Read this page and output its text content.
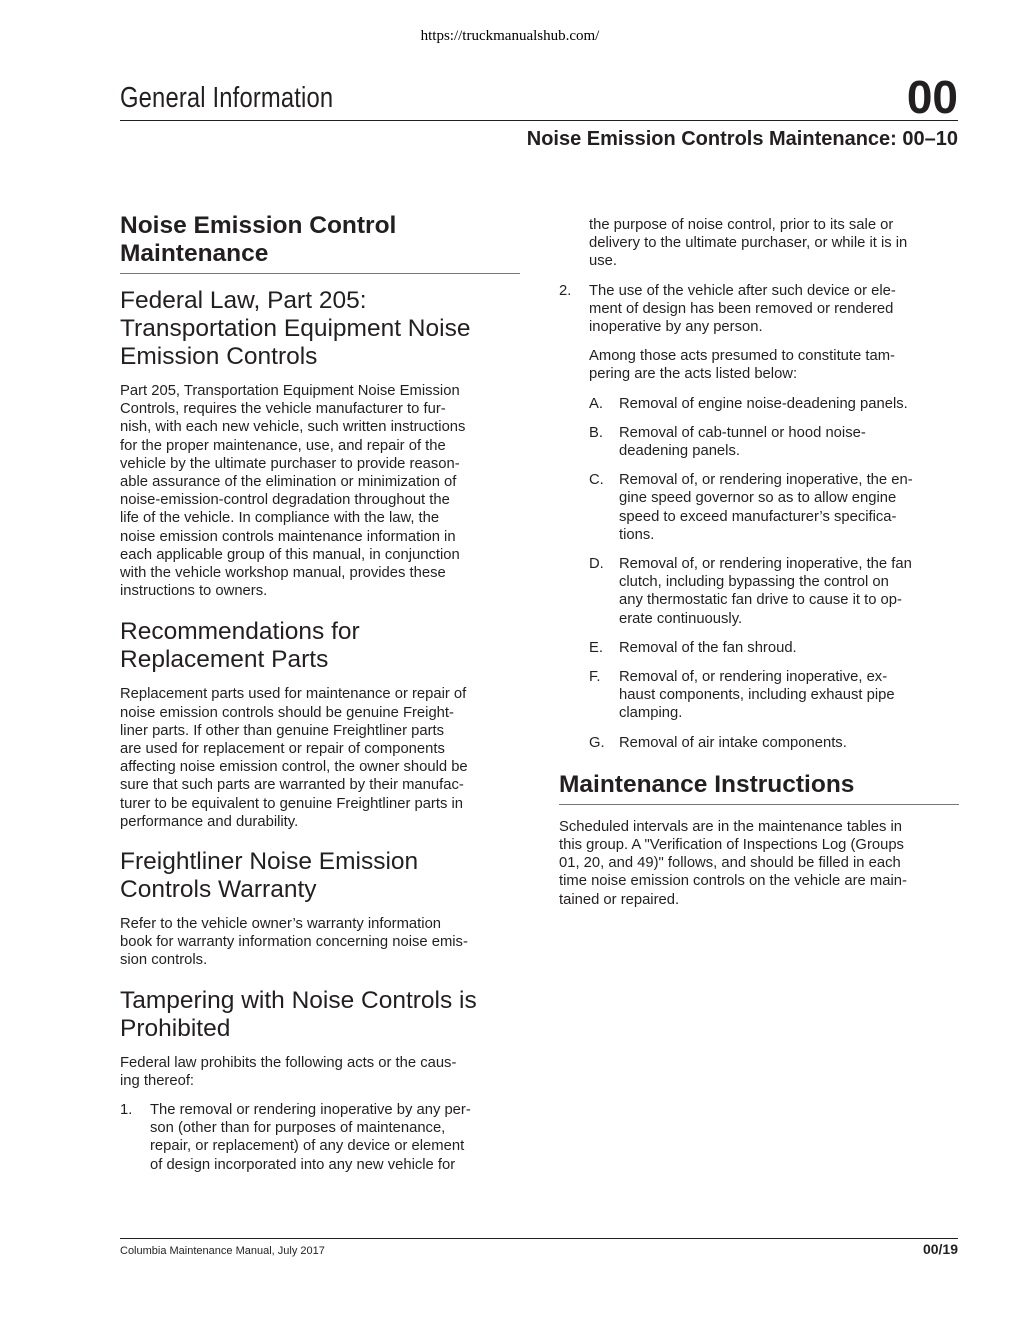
https://truckmanualshub.com/
General Information	00
Noise Emission Controls Maintenance: 00–10
Noise Emission Control
Maintenance
Federal Law, Part 205:
Transportation Equipment Noise
Emission Controls
Part 205, Transportation Equipment Noise Emission
Controls, requires the vehicle manufacturer to fur-
nish, with each new vehicle, such written instructions
for the proper maintenance, use, and repair of the
vehicle by the ultimate purchaser to provide reason-
able assurance of the elimination or minimization of
noise-emission-control degradation throughout the
life of the vehicle. In compliance with the law, the
noise emission controls maintenance information in
each applicable group of this manual, in conjunction
with the vehicle workshop manual, provides these
instructions to owners.
Recommendations for
Replacement Parts
Replacement parts used for maintenance or repair of
noise emission controls should be genuine Freight-
liner parts. If other than genuine Freightliner parts
are used for replacement or repair of components
affecting noise emission control, the owner should be
sure that such parts are warranted by their manufac-
turer to be equivalent to genuine Freightliner parts in
performance and durability.
Freightliner Noise Emission
Controls Warranty
Refer to the vehicle owner’s warranty information
book for warranty information concerning noise emis-
sion controls.
Tampering with Noise Controls is
Prohibited
Federal law prohibits the following acts or the caus-
ing thereof:
1.	The removal or rendering inoperative by any per-
son (other than for purposes of maintenance,
repair, or replacement) of any device or element
of design incorporated into any new vehicle for
the purpose of noise control, prior to its sale or
delivery to the ultimate purchaser, or while it is in
use.
2.	The use of the vehicle after such device or ele-
ment of design has been removed or rendered
inoperative by any person.
Among those acts presumed to constitute tam-
pering are the acts listed below:
A.	Removal of engine noise-deadening panels.
B.	Removal of cab-tunnel or hood noise-
deadening panels.
C.	Removal of, or rendering inoperative, the en-
gine speed governor so as to allow engine
speed to exceed manufacturer’s specifica-
tions.
D.	Removal of, or rendering inoperative, the fan
clutch, including bypassing the control on
any thermostatic fan drive to cause it to op-
erate continuously.
E.	Removal of the fan shroud.
F.	Removal of, or rendering inoperative, ex-
haust components, including exhaust pipe
clamping.
G. Removal of air intake components.
Maintenance Instructions
Scheduled intervals are in the maintenance tables in
this group. A "Verification of Inspections Log (Groups
01, 20, and 49)" follows, and should be filled in each
time noise emission controls on the vehicle are main-
tained or repaired.
Columbia Maintenance Manual, July 2017	00/19
